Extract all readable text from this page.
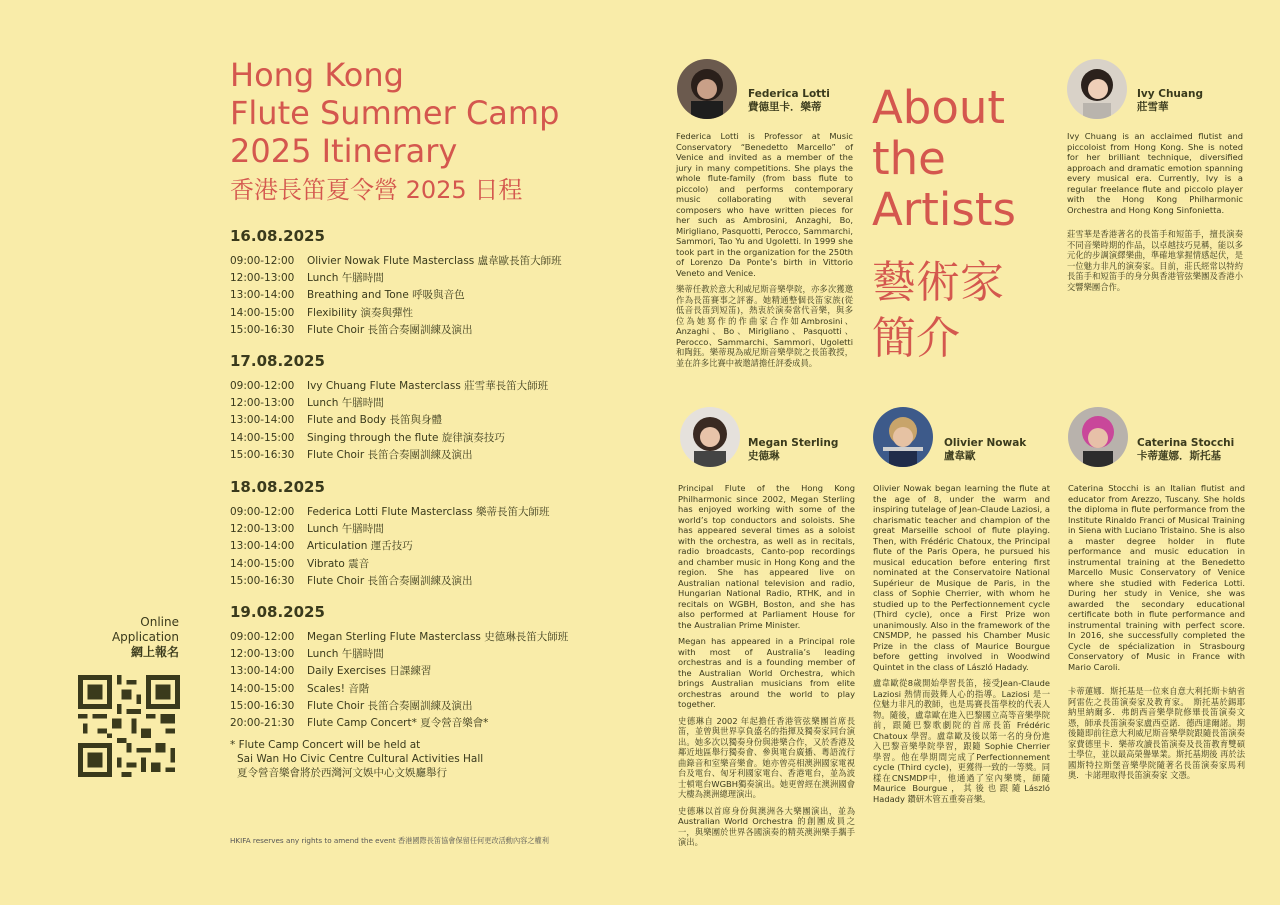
Hong Kong
Flute Summer Camp
2025 Itinerary
香港長笛夏令營 2025 日程
16.08.2025
09:00-12:00	Olivier Nowak Flute Masterclass 盧韋歐長笛大師班
12:00-13:00	Lunch 午膳時間
13:00-14:00	Breathing and Tone 呼吸與音色
14:00-15:00	Flexibility 演奏與彈性
15:00-16:30	Flute Choir 長笛合奏團訓練及演出
17.08.2025
09:00-12:00	Ivy Chuang Flute Masterclass 莊雪華長笛大師班
12:00-13:00	Lunch 午膳時間
13:00-14:00	Flute and Body 長笛與身體
14:00-15:00	Singing through the flute 旋律演奏技巧
15:00-16:30	Flute Choir 長笛合奏團訓練及演出
18.08.2025
09:00-12:00	Federica Lotti Flute Masterclass 樂蒂長笛大師班
12:00-13:00	Lunch 午膳時間
13:00-14:00	Articulation 運舌技巧
14:00-15:00	Vibrato 震音
15:00-16:30	Flute Choir 長笛合奏團訓練及演出
19.08.2025
09:00-12:00	Megan Sterling Flute Masterclass 史德琳長笛大師班
12:00-13:00	Lunch 午膳時間
13:00-14:00	Daily Exercises 日課練習
14:00-15:00	Scales! 音階
15:00-16:30	Flute Choir 長笛合奏團訓練及演出
20:00-21:30	Flute Camp Concert* 夏令營音樂會*
* Flute Camp Concert will be held at
Sai Wan Ho Civic Centre Cultural Activities Hall
夏令營音樂會將於西灣河文娛中心文娛廳舉行
HKIFA reserves any rights to amend the event 香港國際長笛協會保留任何更改活動內容之權利
Online
Application
網上報名
About
the
Artists
藝術家
簡介
Federica Lotti
費德里卡．樂蒂

Federica Lotti is Professor at Music Conservatory “Benedetto Marcello” of Venice and invited as a member of the jury in many competitions. She plays the whole flute-family (from bass flute to piccolo) and performs contemporary music collaborating with several composers who have written pieces for her such as Ambrosini, Anzaghi, Bo, Mirigliano, Pasquotti, Perocco, Sammarchi, Sammori, Tao Yu and Ugoletti. In 1999 she took part in the organization for the 250th of Lorenzo Da Ponte’s birth in Vittorio Veneto and Venice.

樂蒂任教於意大利威尼斯音樂學院，亦多次獲邀作為長笛賽事之評審。她精通整個長笛家族(從低音長笛到短笛)，熱衷於演奏當代音樂，與多位為她寫作的作曲家合作如Ambrosini、Anzaghi、Bo、Mirigliano、Pasquotti、Perocco、Sammarchi、Sammori、Ugoletti和陶鈺。樂蒂現為威尼斯音樂學院之長笛教授，並在許多比賽中被邀請擔任評委成員。

Ivy Chuang
莊雪華

Ivy Chuang is an acclaimed flutist and piccoloist from Hong Kong. She is noted for her brilliant technique, diversified approach and dramatic emotion spanning every musical era. Currently, Ivy is a regular freelance flute and piccolo player with the Hong Kong Philharmonic Orchestra and Hong Kong Sinfonietta.

莊雪華是香港著名的長笛手和短笛手，擅長演奏不同音樂時期的作品，以卓越技巧見稱，能以多元化的步調演繹樂曲，準確地掌握情感起伏，是一位魅力非凡的演奏家。目前，莊氏經常以特約長笛手和短笛手的身分與香港管弦樂團及香港小交響樂團合作。

Megan Sterling
史德琳

Principal Flute of the Hong Kong Philharmonic since 2002, Megan Sterling has enjoyed working with some of the world’s top conductors and soloists. She has appeared several times as a soloist with the orchestra, as well as in recitals, radio broadcasts, Canto-pop recordings and chamber music in Hong Kong and the region. She has appeared live on Australian national television and radio, Hungarian National Radio, RTHK, and in recitals on WGBH, Boston, and she has also performed at Parliament House for the Australian Prime Minister.

Megan has appeared in a Principal role with most of Australia’s leading orchestras and is a founding member of the Australian World Orchestra, which brings Australian musicians from elite orchestras around the world to play together.

史德琳自 2002 年起擔任香港管弦樂團首席長笛，並曾與世界享負盛名的指揮及獨奏家同台演出。她多次以獨奏身份與港樂合作，又於香港及鄰近地區舉行獨奏會、參與電台廣播、粵語流行曲錄音和室樂音樂會。她亦曾亮相澳洲國家電視台及電台、匈牙利國家電台、香港電台，並為波士頓電台WGBH獨奏演出。她更曾經在澳洲國會大樓為澳洲總理演出。

史德琳以首席身份與澳洲各大樂團演出，並為Australian World Orchestra 的創團成員之一，與樂團於世界各國演奏的精英澳洲樂手攜手演出。

Olivier Nowak
盧韋歐

Olivier Nowak began learning the flute at the age of 8, under the warm and inspiring tutelage of Jean-Claude Laziosi, a charismatic teacher and champion of the great Marseille school of flute playing. Then, with Frédéric Chatoux, the Principal flute of the Paris Opera, he pursued his musical education before entering first nominated at the Conservatoire National Supérieur de Musique de Paris, in the class of Sophie Cherrier, with whom he studied up to the Perfectionnement cycle (Third cycle), once a First Prize won unanimously. Also in the framework of the CNSMDP, he passed his Chamber Music Prize in the class of Maurice Bourgue before getting involved in Woodwind Quintet in the class of László Hadady.

盧韋歐從8歲開始學習長笛，接受Jean-Claude Laziosi 熱情而鼓舞人心的指導。Laziosi 是一位魅力非凡的教師，也是馬賽長笛學校的代表人物。隨後，盧韋歐在進入巴黎國立高等音樂學院前，跟隨巴黎歌劇院的首席長笛 Frédéric Chatoux 學習。盧韋歐及後以第一名的身份進入巴黎音樂學院學習，跟隨 Sophie Cherrier 學習。他在學期間完成了Perfectionnement cycle (Third cycle)，更獲得一致的一等獎。同樣在CNSMDP中，他通過了室內樂獎，師隨Maurice Bourgue，其後也跟隨László Hadady 鑽研木管五重奏音樂。

Caterina Stocchi
卡蒂蓮娜．斯托基

Caterina Stocchi is an Italian flutist and educator from Arezzo, Tuscany. She holds the diploma in flute performance from the Institute Rinaldo Franci of Musical Training in Siena with Luciano Tristaino. She is also a master degree holder in flute performance and music education in instrumental training at the Benedetto Marcello Music Conservatory of Venice where she studied with Federica Lotti. During her study in Venice, she was awarded the secondary educational certificate both in flute performance and instrumental training with perfect score. In 2016, she successfully completed the Cycle de spécialization in Strasbourg Conservatory of Music in France with Mario Caroli.

卡蒂蓮娜．斯托基是一位來自意大利托斯卡納省阿雷佐之長笛演奏家及教育家。　斯托基於錫耶納里納爾多．弗朗西音樂學院修畢長笛演奏文憑，師承長笛演奏家盧西亞諾．德西達爾諾。期後隨即前往意大利威尼斯音樂學院跟隨長笛演奏家費德里卡．樂蒂攻讀長笛演奏及長笛教育雙碩士學位，並以最高榮譽畢業。斯托基期後 再於法國斯特拉斯堡音樂學院隨著名長笛演奏家馬利奧．卡諾理取得長笛演奏家 文憑。
